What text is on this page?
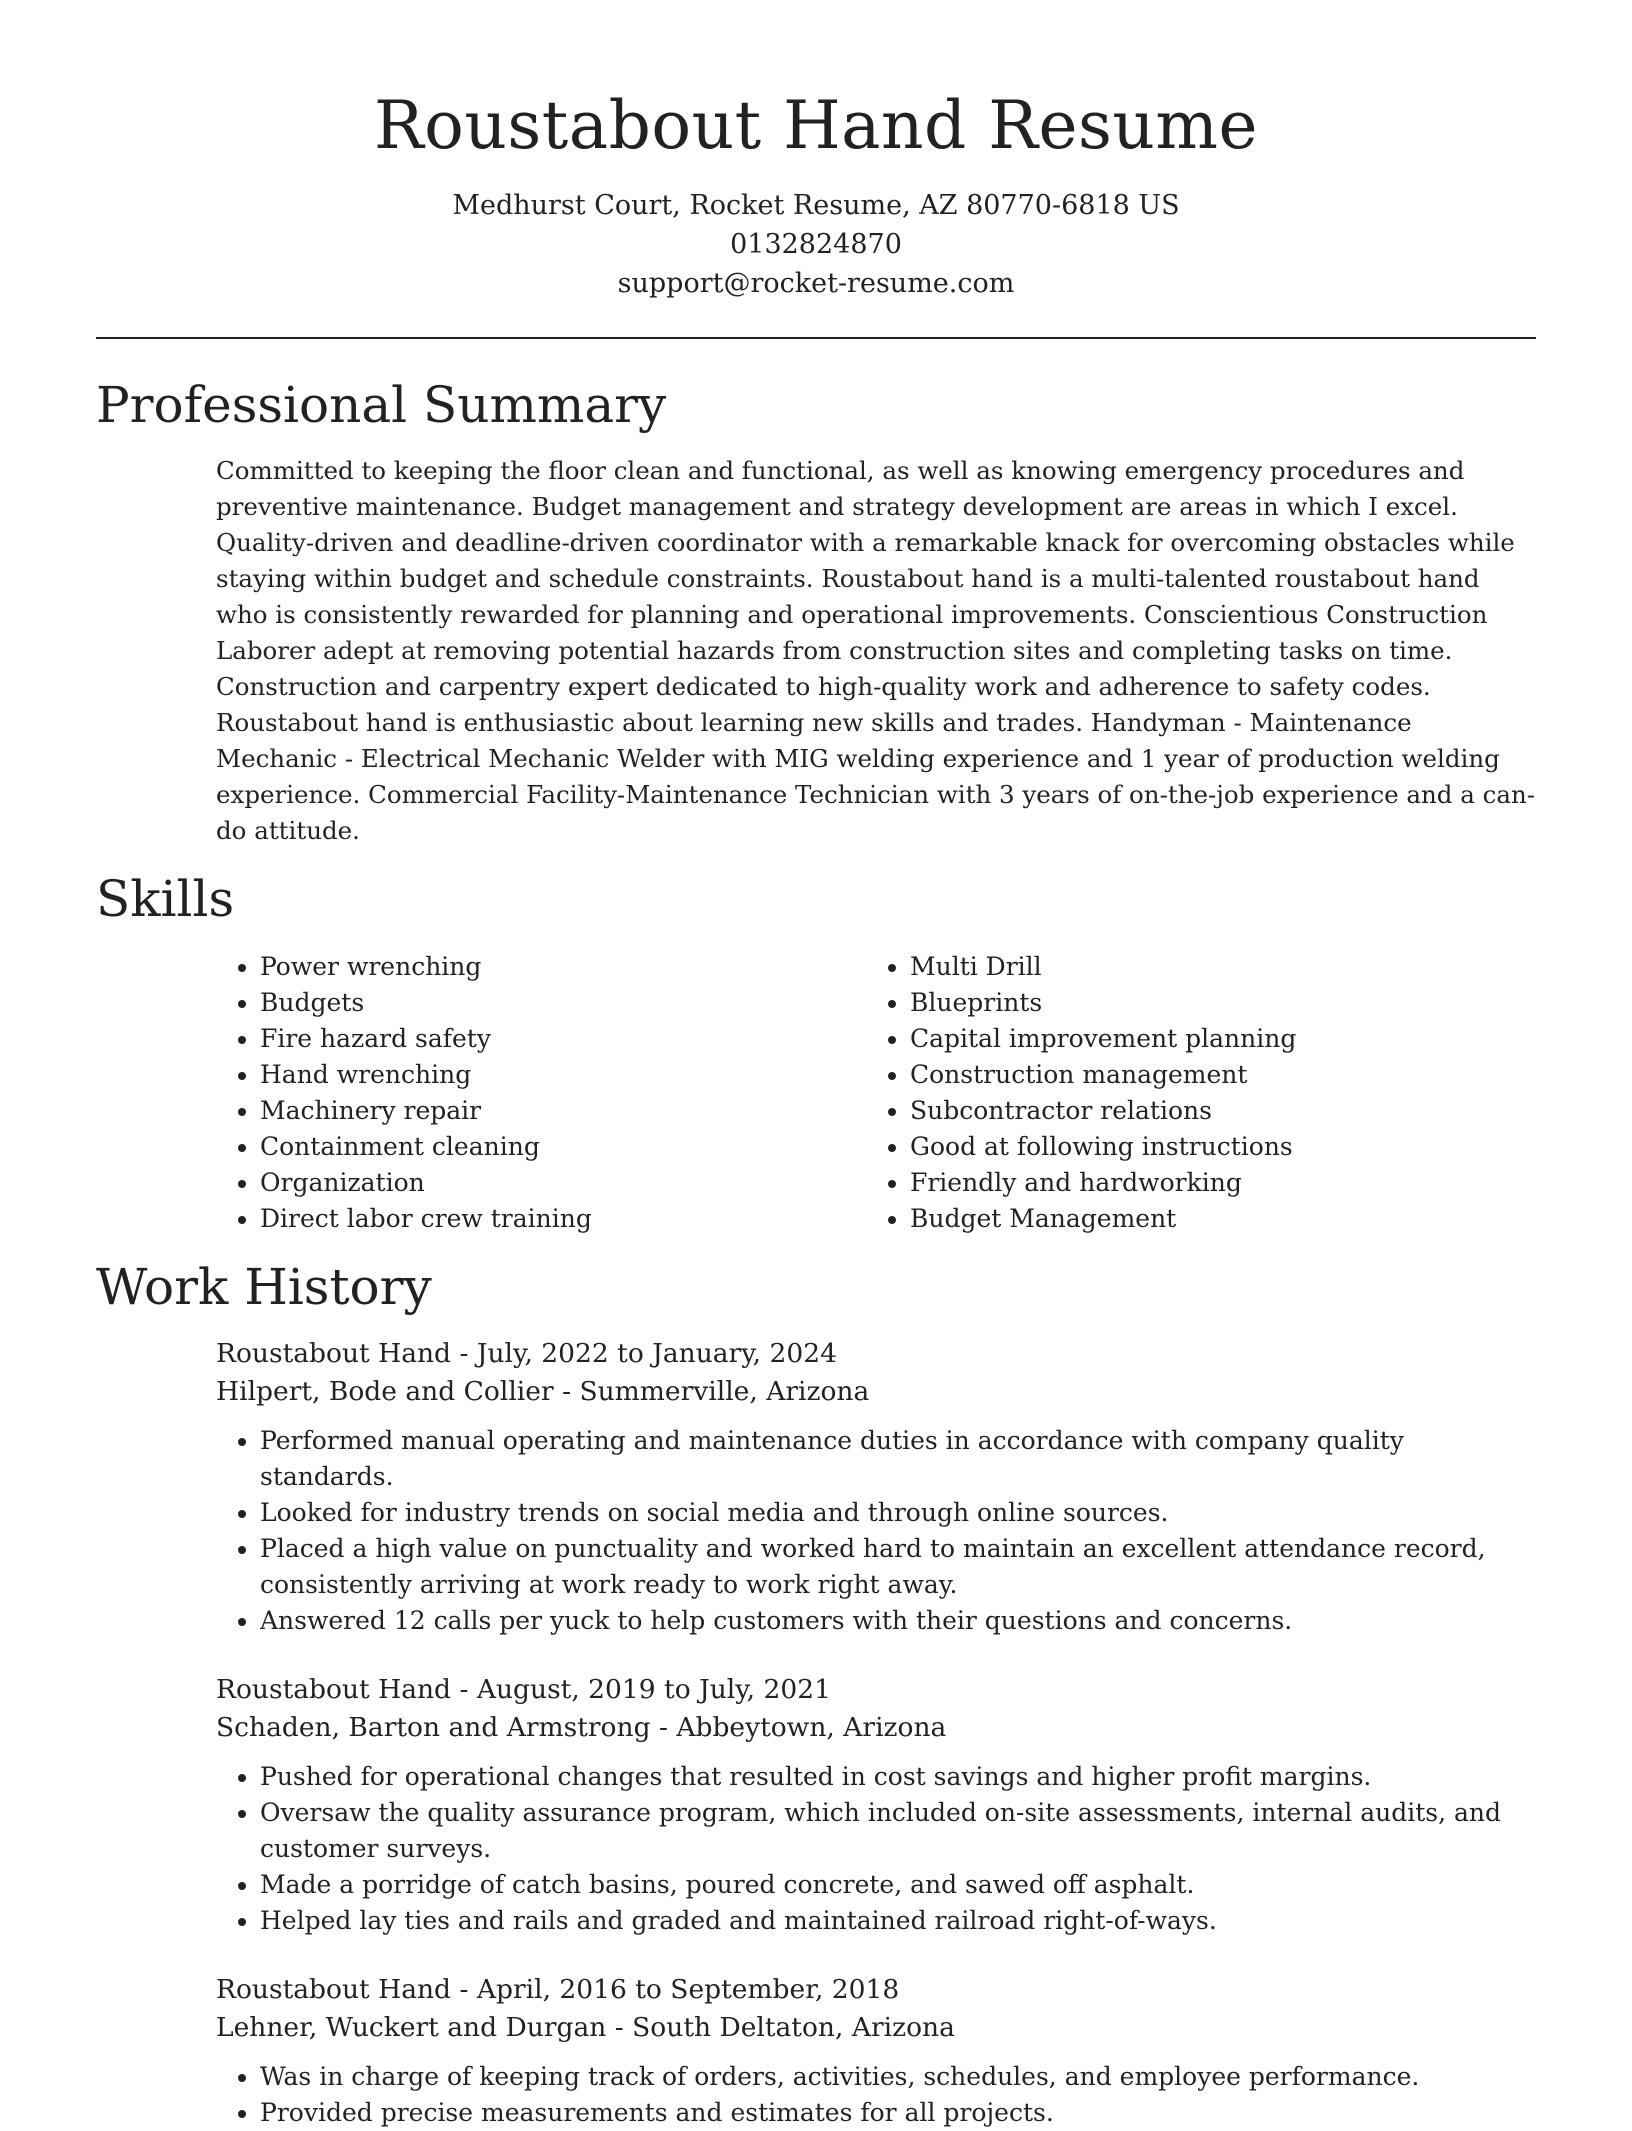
Roustabout Hand Resume
Medhurst Court, Rocket Resume, AZ 80770-6818 US
0132824870
support@rocket-resume.com
Professional Summary

Committed to keeping the floor clean and functional, as well as knowing emergency procedures and preventive maintenance. Budget management and strategy development are areas in which I excel. Quality-driven and deadline-driven coordinator with a remarkable knack for overcoming obstacles while staying within budget and schedule constraints. Roustabout hand is a multi-talented roustabout hand who is consistently rewarded for planning and operational improvements. Conscientious Construction Laborer adept at removing potential hazards from construction sites and completing tasks on time. Construction and carpentry expert dedicated to high-quality work and adherence to safety codes. Roustabout hand is enthusiastic about learning new skills and trades. Handyman - Maintenance Mechanic - Electrical Mechanic Welder with MIG welding experience and 1 year of production welding experience. Commercial Facility-Maintenance Technician with 3 years of on-the-job experience and a can-do attitude.

Skills
• Power wrenching
• Budgets
• Fire hazard safety
• Hand wrenching
• Machinery repair
• Containment cleaning
• Organization
• Direct labor crew training
• Multi Drill
• Blueprints
• Capital improvement planning
• Construction management
• Subcontractor relations
• Good at following instructions
• Friendly and hardworking
• Budget Management
Work History
Roustabout Hand - July, 2022 to January, 2024
Hilpert, Bode and Collier - Summerville, Arizona
• Performed manual operating and maintenance duties in accordance with company quality standards.
• Looked for industry trends on social media and through online sources.
• Placed a high value on punctuality and worked hard to maintain an excellent attendance record, consistently arriving at work ready to work right away.
• Answered 12 calls per yuck to help customers with their questions and concerns.
Roustabout Hand - August, 2019 to July, 2021
Schaden, Barton and Armstrong - Abbeytown, Arizona
• Pushed for operational changes that resulted in cost savings and higher profit margins.
• Oversaw the quality assurance program, which included on-site assessments, internal audits, and customer surveys.
• Made a porridge of catch basins, poured concrete, and sawed off asphalt.
• Helped lay ties and rails and graded and maintained railroad right-of-ways.
Roustabout Hand - April, 2016 to September, 2018
Lehner, Wuckert and Durgan - South Deltaton, Arizona
• Was in charge of keeping track of orders, activities, schedules, and employee performance.
• Provided precise measurements and estimates for all projects.
